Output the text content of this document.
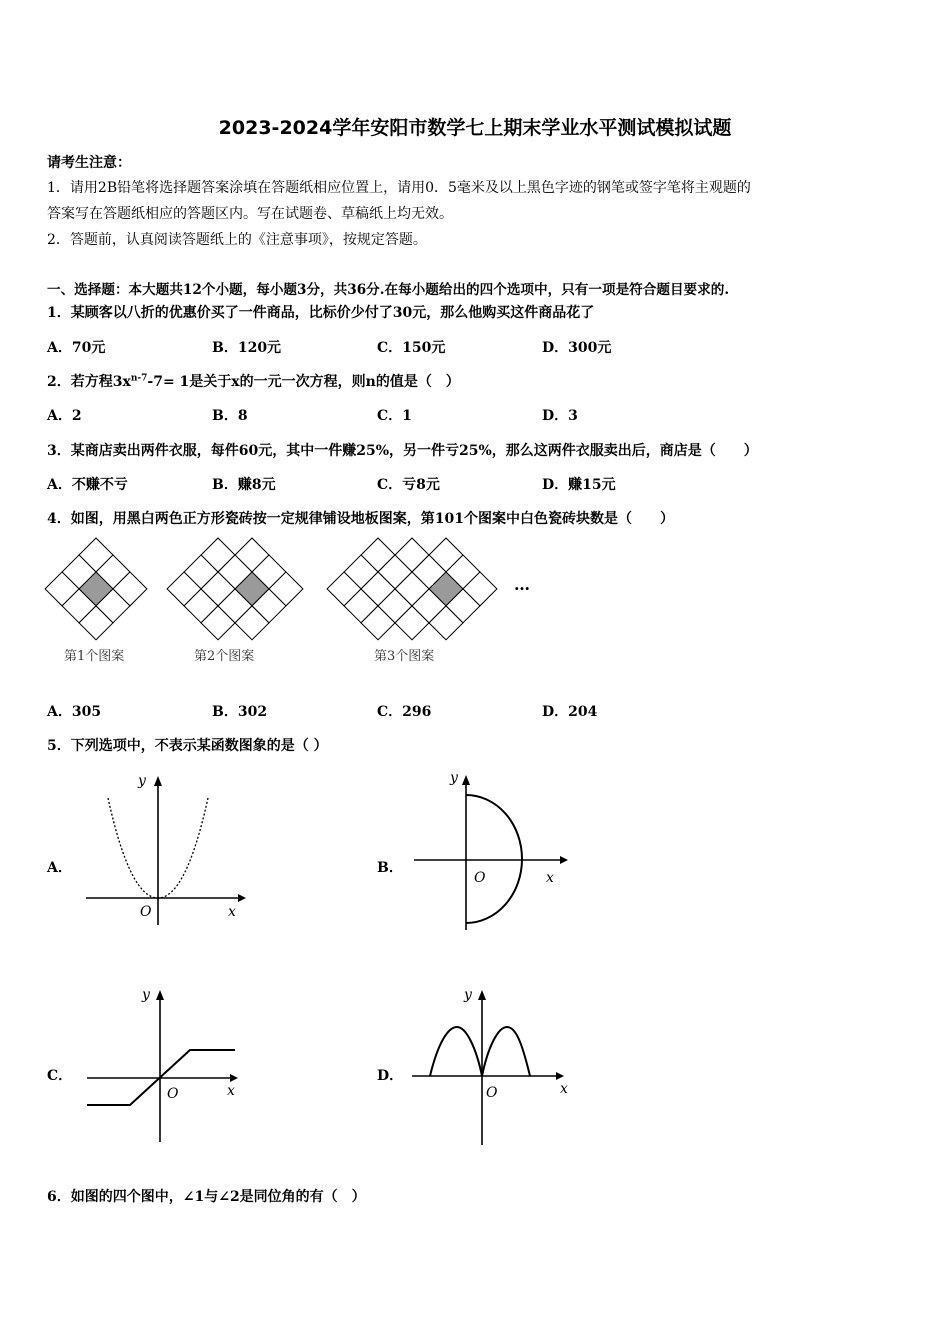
2023-2024学年安阳市数学七上期末学业水平测试模拟试题
请考生注意：
1．请用2B铅笔将选择题答案涂填在答题纸相应位置上，请用0．5毫米及以上黑色字迹的钢笔或签字笔将主观题的
答案写在答题纸相应的答题区内。写在试题卷、草稿纸上均无效。
2．答题前，认真阅读答题纸上的《注意事项》，按规定答题。
一、选择题：本大题共12个小题，每小题3分，共36分.在每小题给出的四个选项中，只有一项是符合题目要求的.
1．某顾客以八折的优惠价买了一件商品，比标价少付了30元，那么他购买这件商品花了
A．70元	B．120元	C．150元	D．300元
2．若方程$3x^{n-7}-7= 1$是关于x的一元一次方程，则n的值是（　）
A．2	B．8	C．1	D．3
3．某商店卖出两件衣服，每件60元，其中一件赚25%，另一件亏25%，那么这两件衣服卖出后，商店是（　　）
A．不赚不亏	B．赚8元	C．亏8元	D．赚15元
4．如图，用黑白两色正方形瓷砖按一定规律铺设地板图案，第101个图案中白色瓷砖块数是（　　）
…
第1个图案	第2个图案	第3个图案
A．305	B．302	C．296	D．204
5．下列选项中，不表示某函数图象的是（ ）
A．
y
O	x
B．
y
O	x
C．
y
O	x
D．
y
O	x
6．如图的四个图中，∠1与∠2是同位角的有（　）
